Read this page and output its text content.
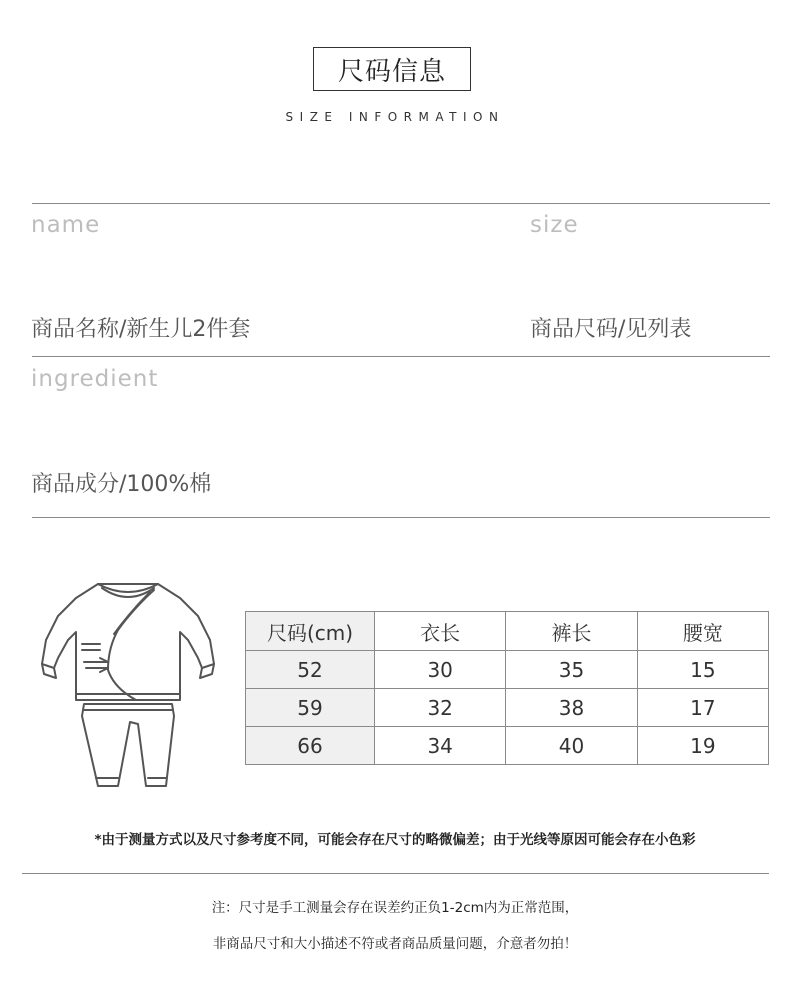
尺码信息
SIZE INFORMATION
name	size
商品名称/新生儿2件套	商品尺码/见列表
ingredient
商品成分/100%棉
尺码(cm)	衣长	裤长	腰宽
52	30	35	15
59	32	38	17
66	34	40	19
*由于测量方式以及尺寸参考度不同，可能会存在尺寸的略微偏差；由于光线等原因可能会存在小色彩
注：尺寸是手工测量会存在误差约正负1-2cm内为正常范围，
非商品尺寸和大小描述不符或者商品质量问题，介意者勿拍！
